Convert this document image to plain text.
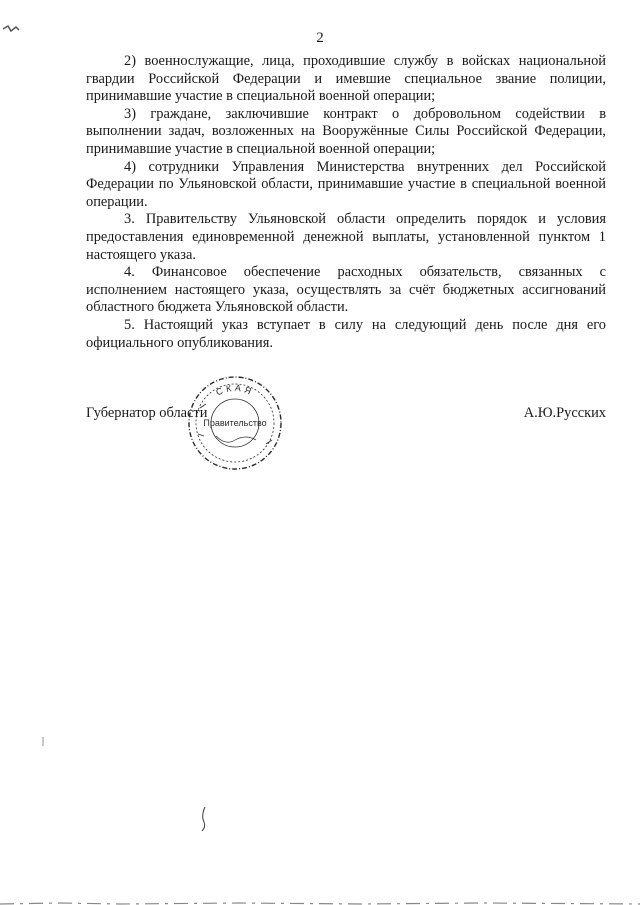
2

2) военнослужащие, лица, проходившие службу в войсках национальной гвардии Российской Федерации и имевшие специальное звание полиции, принимавшие участие в специальной военной операции;

3) граждане, заключившие контракт о добровольном содействии в выполнении задач, возложенных на Вооружённые Силы Российской Федерации, принимавшие участие в специальной военной операции;

4) сотрудники Управления Министерства внутренних дел Российской Федерации по Ульяновской области, принимавшие участие в специальной военной операции.

3. Правительству Ульяновской области определить порядок и условия предоставления единовременной денежной выплаты, установленной пунктом 1 настоящего указа.

4. Финансовое обеспечение расходных обязательств, связанных с исполнением настоящего указа, осуществлять за счёт бюджетных ассигнований областного бюджета Ульяновской области.

5. Настоящий указ вступает в силу на следующий день после дня его официального опубликования.

Губернатор области	А.Ю.Русских
СКАЯ
Правительство
